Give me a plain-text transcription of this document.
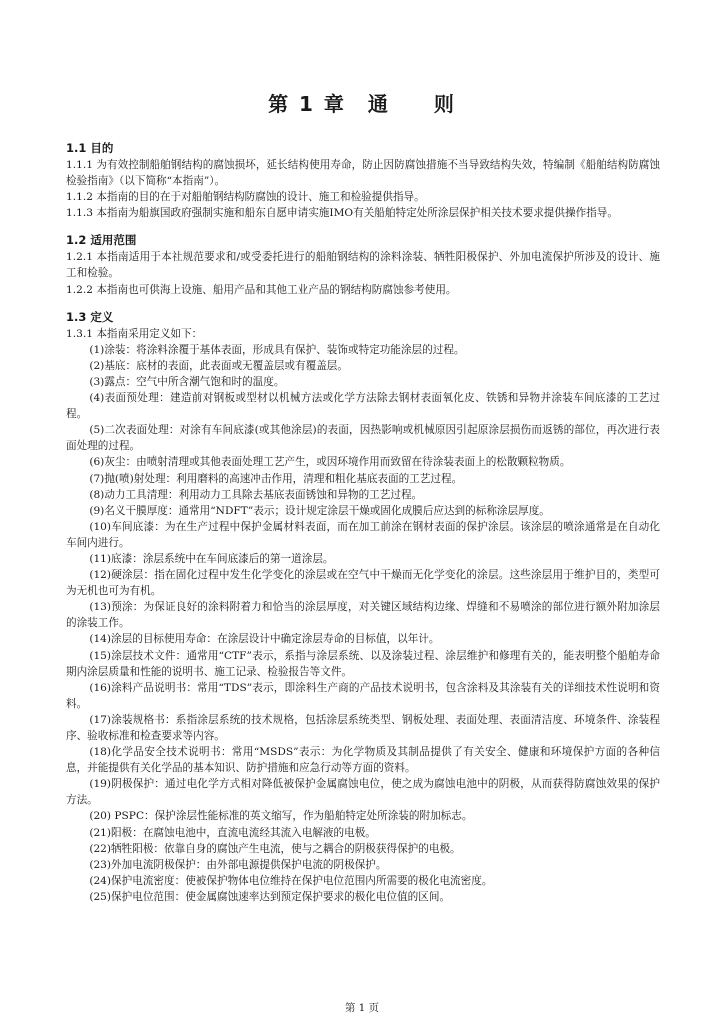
第 1 章　通　　则
1.1 目的

1.1.1 为有效控制船舶钢结构的腐蚀损坏，延长结构使用寿命，防止因防腐蚀措施不当导致结构失效，特编制《船舶结构防腐蚀检验指南》（以下简称“本指南”）。

1.1.2 本指南的目的在于对船舶钢结构防腐蚀的设计、施工和检验提供指导。

1.1.3 本指南为船旗国政府强制实施和船东自愿申请实施IMO有关船舶特定处所涂层保护相关技术要求提供操作指导。

1.2 适用范围

1.2.1 本指南适用于本社规范要求和/或受委托进行的船舶钢结构的涂料涂装、牺牲阳极保护、外加电流保护所涉及的设计、施工和检验。

1.2.2 本指南也可供海上设施、船用产品和其他工业产品的钢结构防腐蚀参考使用。

1.3 定义

1.3.1 本指南采用定义如下：

(1)涂装：将涂料涂覆于基体表面，形成具有保护、装饰或特定功能涂层的过程。

(2)基底：底材的表面，此表面或无覆盖层或有覆盖层。

(3)露点：空气中所含潮气饱和时的温度。

(4)表面预处理：建造前对钢板或型材以机械方法或化学方法除去钢材表面氧化皮、铁锈和异物并涂装车间底漆的工艺过程。

(5)二次表面处理：对涂有车间底漆(或其他涂层)的表面，因热影响或机械原因引起原涂层损伤而返锈的部位，再次进行表面处理的过程。

(6)灰尘：由喷射清理或其他表面处理工艺产生，或因环境作用而致留在待涂装表面上的松散颗粒物质。

(7)抛(喷)射处理：利用磨料的高速冲击作用，清理和粗化基底表面的工艺过程。

(8)动力工具清理：利用动力工具除去基底表面锈蚀和异物的工艺过程。

(9)名义干膜厚度：通常用“NDFT”表示；设计规定涂层干燥或固化成膜后应达到的标称涂层厚度。

(10)车间底漆：为在生产过程中保护金属材料表面，而在加工前涂在钢材表面的保护涂层。该涂层的喷涂通常是在自动化车间内进行。

(11)底漆：涂层系统中在车间底漆后的第一道涂层。

(12)硬涂层：指在固化过程中发生化学变化的涂层或在空气中干燥而无化学变化的涂层。这些涂层用于维护目的，类型可为无机也可为有机。

(13)预涂：为保证良好的涂料附着力和恰当的涂层厚度，对关键区域结构边缘、焊缝和不易喷涂的部位进行额外附加涂层的涂装工作。

(14)涂层的目标使用寿命：在涂层设计中确定涂层寿命的目标值，以年计。

(15)涂层技术文件：通常用“CTF”表示，系指与涂层系统、以及涂装过程、涂层维护和修理有关的，能表明整个船舶寿命期内涂层质量和性能的说明书、施工记录、检验报告等文件。

(16)涂料产品说明书：常用“TDS”表示，即涂料生产商的产品技术说明书，包含涂料及其涂装有关的详细技术性说明和资料。

(17)涂装规格书：系指涂层系统的技术规格，包括涂层系统类型、钢板处理、表面处理、表面清洁度、环境条件、涂装程序、验收标准和检查要求等内容。

(18)化学品安全技术说明书：常用“MSDS”表示：为化学物质及其制品提供了有关安全、健康和环境保护方面的各种信息，并能提供有关化学品的基本知识、防护措施和应急行动等方面的资料。

(19)阴极保护：通过电化学方式相对降低被保护金属腐蚀电位，使之成为腐蚀电池中的阴极，从而获得防腐蚀效果的保护方法。

(20) PSPC：保护涂层性能标准的英文缩写，作为船舶特定处所涂装的附加标志。

(21)阳极：在腐蚀电池中，直流电流经其流入电解液的电极。

(22)牺牲阳极：依靠自身的腐蚀产生电流，使与之耦合的阴极获得保护的电极。

(23)外加电流阴极保护：由外部电源提供保护电流的阴极保护。

(24)保护电流密度：使被保护物体电位维持在保护电位范围内所需要的极化电流密度。

(25)保护电位范围：使金属腐蚀速率达到预定保护要求的极化电位值的区间。

第 1 页
